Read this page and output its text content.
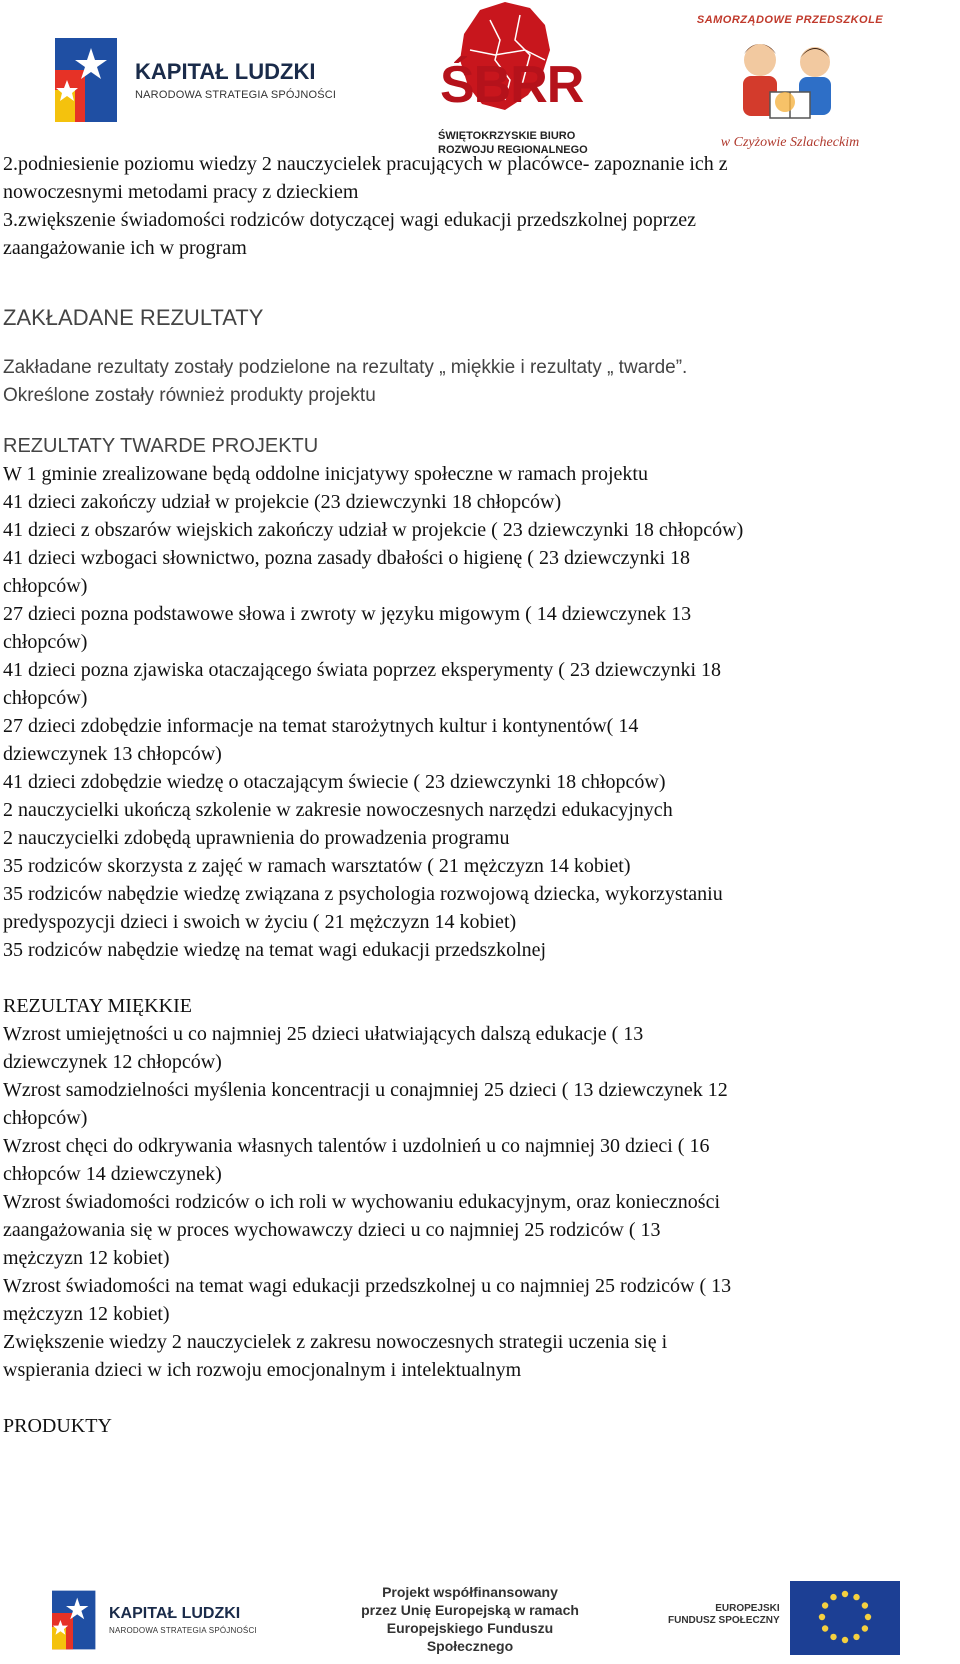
KAPITAŁ LUDZKI
NARODOWA STRATEGIA SPÓJNOŚCI ŚBRR
ŚWIĘTOKRZYSKIE BIURO
ROZWOJU REGIONALNEGO
SAMORZĄDOWE PRZEDSZKOLE
w Czyżowie Szlacheckim

2.podniesienie poziomu wiedzy 2 nauczycielek pracujących w placówce- zapoznanie ich z

nowoczesnymi metodami pracy z dzieckiem

3.zwiększenie świadomości rodziców dotyczącej wagi edukacji przedszkolnej poprzez

zaangażowanie ich w program

ZAKŁADANE REZULTATY

Zakładane rezultaty zostały podzielone na rezultaty „ miękkie i rezultaty „ twarde”.

Określone zostały również produkty projektu

REZULTATY TWARDE PROJEKTU

W 1 gminie zrealizowane będą oddolne inicjatywy społeczne w ramach projektu

41 dzieci zakończy udział w projekcie (23 dziewczynki 18 chłopców)

41 dzieci z obszarów wiejskich zakończy udział w projekcie ( 23 dziewczynki 18 chłopców)

41 dzieci wzbogaci słownictwo, pozna zasady dbałości o higienę ( 23 dziewczynki 18

chłopców)

27 dzieci pozna podstawowe słowa i zwroty w języku migowym ( 14 dziewczynek 13

chłopców)

41 dzieci pozna zjawiska otaczającego świata poprzez eksperymenty ( 23 dziewczynki 18

chłopców)

27 dzieci zdobędzie informacje na temat starożytnych kultur i kontynentów( 14

dziewczynek 13 chłopców)

41 dzieci zdobędzie wiedzę o otaczającym świecie ( 23 dziewczynki 18 chłopców)

2 nauczycielki ukończą szkolenie w zakresie nowoczesnych narzędzi edukacyjnych

2 nauczycielki zdobędą uprawnienia do prowadzenia programu

35 rodziców skorzysta z zajęć w ramach warsztatów ( 21 mężczyzn 14 kobiet)

35 rodziców nabędzie wiedzę związana z psychologia rozwojową dziecka, wykorzystaniu

predyspozycji dzieci i swoich w życiu ( 21 mężczyzn 14 kobiet)

35 rodziców nabędzie wiedzę na temat wagi edukacji przedszkolnej

REZULTAY MIĘKKIE

Wzrost umiejętności u co najmniej 25 dzieci ułatwiających dalszą edukacje ( 13

dziewczynek 12 chłopców)

Wzrost samodzielności myślenia koncentracji u conajmniej 25 dzieci ( 13 dziewczynek 12

chłopców)

Wzrost chęci do odkrywania własnych talentów i uzdolnień u co najmniej 30 dzieci ( 16

chłopców 14 dziewczynek)

Wzrost świadomości rodziców o ich roli w wychowaniu edukacyjnym, oraz konieczności

zaangażowania się w proces wychowawczy dzieci u co najmniej 25 rodziców ( 13

mężczyzn 12 kobiet)

Wzrost świadomości na temat wagi edukacji przedszkolnej u co najmniej 25 rodziców ( 13

mężczyzn 12 kobiet)

Zwiększenie wiedzy 2 nauczycielek z zakresu nowoczesnych strategii uczenia się i

wspierania dzieci w ich rozwoju emocjonalnym i intelektualnym

PRODUKTY

KAPITAŁ LUDZKI
NARODOWA STRATEGIA SPÓJNOŚCI
Projekt współfinansowany
przez Unię Europejską w ramach
Europejskiego Funduszu Społecznego
EUROPEJSKI
FUNDUSZ SPOŁECZNY
